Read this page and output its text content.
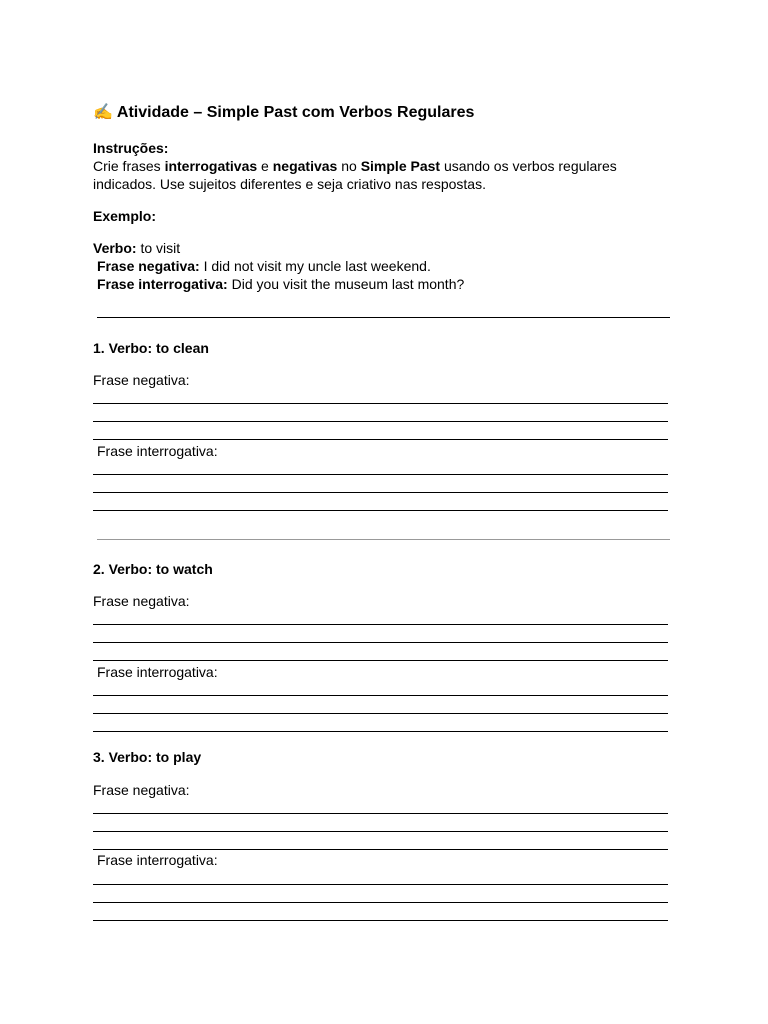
✍ Atividade – Simple Past com Verbos Regulares
Instruções:
Crie frases interrogativas e negativas no Simple Past usando os verbos regulares
indicados. Use sujeitos diferentes e seja criativo nas respostas.
Exemplo:
Verbo: to visit
Frase negativa: I did not visit my uncle last weekend.
Frase interrogativa: Did you visit the museum last month?
1. Verbo: to clean
Frase negativa:
Frase interrogativa:
2. Verbo: to watch
Frase negativa:
Frase interrogativa:
3. Verbo: to play
Frase negativa:
Frase interrogativa:
